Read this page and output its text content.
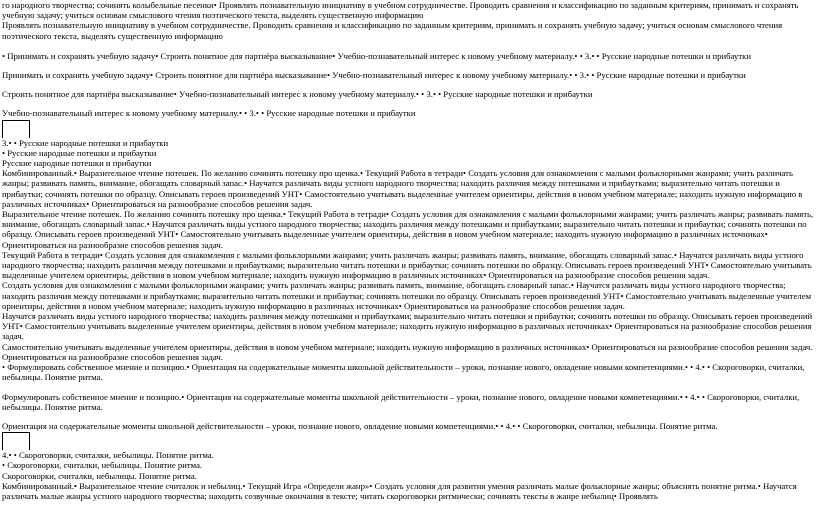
го народного творчества; сочинять колыбельные песенки• Проявлять познавательную инициативу в учебном сотрудничестве. Проводить сравнения и классификацию по заданным критериям, принимать и сохранять учебную задачу; учиться основам смыслового чтения поэтического текста, выделять существенную информацию

Проявлять познавательную инициативу в учебном сотрудничестве. Проводить сравнения и классификацию по заданным критериям, принимать и сохранять учебную задачу; учиться основам смыслового чтения поэтического текста, выделять существенную информацию

• Принимать и сохранять учебную задачу• Строить понятное для партнёра высказывание• Учебно-познавательный интерес к новому учебному материалу.• • 3.• • Русские народные потешки и прибаутки

Принимать и сохранять учебную задачу• Строить понятное для партнёра высказывание• Учебно-познавательный интерес к новому учебному материалу.• • 3.• • Русские народные потешки и прибаутки

Строить понятное для партнёра высказывание• Учебно-познавательный интерес к новому учебному материалу.• • 3.• • Русские народные потешки и прибаутки

Учебно-познавательный интерес к новому учебному материалу.• • 3.• • Русские народные потешки и прибаутки

3.• • Русские народные потешки и прибаутки

• Русские народные потешки и прибаутки

Русские народные потешки и прибаутки

Комбинированный.• Выразительное чтение потешек. По желанию сочинять потешку про щенка.• Текущий Работа в тетради• Создать условия для ознакомления с малыми фольклорными жанрами; учить различать жанры; развивать память, внимание, обогащать словарный запас.• Научатся различать виды устного народного творчества; находить различия между потешками и прибаутками; выразительно читать потешки и прибаутки; сочинять потешки по образцу. Описывать героев произведений УНТ• Самостоятельно учитывать выделенные учителем ориентиры, действия в новом учебном материале; находить нужную информацию в различных источниках• Ориентироваться на разнообразие способов решения задач.

Выразительное чтение потешек. По желанию сочинять потешку про щенка.• Текущий Работа в тетради• Создать условия для ознакомления с малыми фольклорными жанрами; учить различать жанры; развивать память, внимание, обогащать словарный запас.• Научатся различать виды устного народного творчества; находить различия между потешками и прибаутками; выразительно читать потешки и прибаутки; сочинять потешки по образцу. Описывать героев произведений УНТ• Самостоятельно учитывать выделенные учителем ориентиры, действия в новом учебном материале; находить нужную информацию в различных источниках• Ориентироваться на разнообразие способов решения задач.

Текущий Работа в тетради• Создать условия для ознакомления с малыми фольклорными жанрами; учить различать жанры; развивать память, внимание, обогащать словарный запас.• Научатся различать виды устного народного творчества; находить различия между потешками и прибаутками; выразительно читать потешки и прибаутки; сочинять потешки по образцу. Описывать героев произведений УНТ• Самостоятельно учитывать выделенные учителем ориентиры, действия в новом учебном материале; находить нужную информацию в различных источниках• Ориентироваться на разнообразие способов решения задач.

Создать условия для ознакомления с малыми фольклорными жанрами; учить различать жанры; развивать память, внимание, обогащать словарный запас.• Научатся различать виды устного народного творчества; находить различия между потешками и прибаутками; выразительно читать потешки и прибаутки; сочинять потешки по образцу. Описывать героев произведений УНТ• Самостоятельно учитывать выделенные учителем ориентиры, действия в новом учебном материале; находить нужную информацию в различных источниках• Ориентироваться на разнообразие способов решения задач.

Научатся различать виды устного народного творчества; находить различия между потешками и прибаутками; выразительно читать потешки и прибаутки; сочинять потешки по образцу. Описывать героев произведений УНТ• Самостоятельно учитывать выделенные учителем ориентиры, действия в новом учебном материале; находить нужную информацию в различных источниках• Ориентироваться на разнообразие способов решения задач.

Самостоятельно учитывать выделенные учителем ориентиры, действия в новом учебном материале; находить нужную информацию в различных источниках• Ориентироваться на разнообразие способов решения задач.

Ориентироваться на разнообразие способов решения задач.

• Формулировать собственное мнение и позицию.• Ориентация на содержательные моменты школьной действительности – уроки, познание нового, овладение новыми компетенциями.• • 4.• • Скороговорки, считалки, небылицы. Понятие ритма.

Формулировать собственное мнение и позицию.• Ориентация на содержательные моменты школьной действительности – уроки, познание нового, овладение новыми компетенциями.• • 4.• • Скороговорки, считалки, небылицы. Понятие ритма.

Ориентация на содержательные моменты школьной действительности – уроки, познание нового, овладение новыми компетенциями.• • 4.• • Скороговорки, считалки, небылицы. Понятие ритма.

4.• • Скороговорки, считалки, небылицы. Понятие ритма.

• Скороговорки, считалки, небылицы. Понятие ритма.

Скороговорки, считалки, небылицы. Понятие ритма.

Комбинированный.• Выразительное чтение считалок и небылиц.• Текущий Игра «Определи жанр»• Создать условия для развития умения различать малые фольклорные жанры; объяснять понятие ритма.• Научатся различать малые жанры устного народного творчества; находить созвучные окончания в тексте; читать скороговорки ритмически; сочинять тексты в жанре небылиц• Проявлять
